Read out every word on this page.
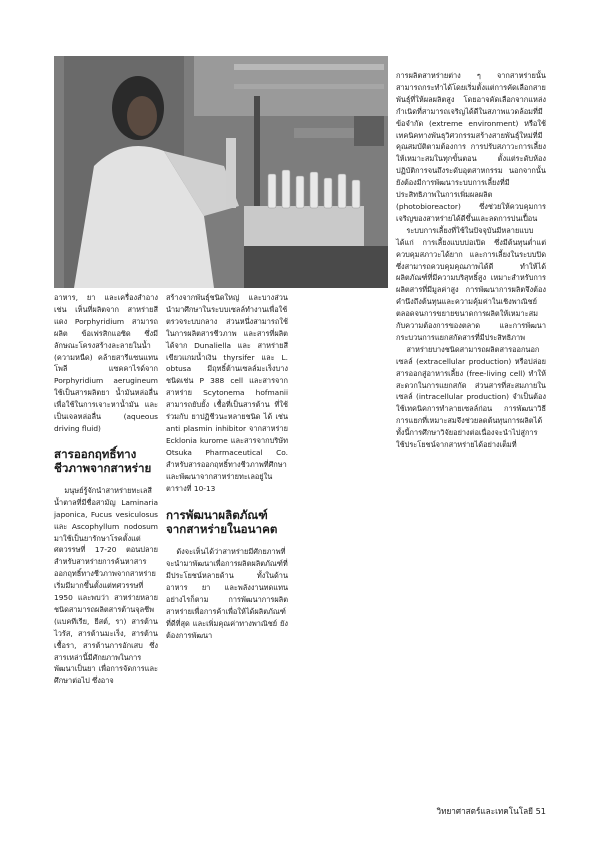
อาหาร, ยา และเครื่องสำอาง เช่น เห็นที่ผลิตจาก สาหร่ายสีแดง Porphyridium สามารถผลิต ข้อเฟรสิกแอซิด ซึ่งมีลักษณะโครงสร้างละลายในน้ำ (ความหนืด) คล้ายสารีแซนแทน โพลี แซคคาไรด์จาก Porphyridium aerugineum ใช้เป็นสารผลิตยา น้ำมันหล่อลื่น เพื่อใช้ในการเจาะหาน้ำมัน และเป็นเจลหล่อลื่น (aqueous driving fluid)

สารออกฤทธิ์ทางชีวภาพจากสาหร่าย

มนุษย์รู้จักนำสาหร่ายทะเลสีน้ำตาลที่มีชื่อสามัญ Laminaria japonica, Fucus vesiculosus และ Ascophyllum nodosum มาใช้เป็นยารักษาโรคตั้งแต่ศตวรรษที่ 17-20 ตอนปลาย สำหรับสาหร่ายการค้นหาสารออกฤทธิ์ทางชีวภาพจากสาหร่ายเริ่มมีมากขึ้นตั้งแต่ทศวรรษที่ 1950 และพบว่า สาหร่ายหลายชนิดสามารถผลิตสารต้านจุลชีพ (แบคทีเรีย, ยีสต์, รา) สารต้านไวรัส, สารต้านมะเร็ง, สารต้านเชื้อรา, สารต้านการอักเสบ ซึ่งสารเหล่านี้มีศักยภาพในการพัฒนาเป็นยา เพื่อการจัดการและศึกษาต่อไป ซึ่งอาจ

สร้างจากพันธุ์ชนิดใหญ่ และบางส่วนนำมาศึกษาในระบบเซลล์ทำงานเพื่อใช้ตรวจระบบกลาง ส่วนหนึ่งสามารถใช้ในการผลิตสารชีวภาพ และสารที่ผลิตได้จาก Dunaliella และ สาหร่ายสีเขียวแกมน้ำเงิน thyrsifer และ L. obtusa มีฤทธิ์ต้านเซลล์มะเร็งบางชนิดเช่น P 388 cell และสารจากสาหร่าย Scytonema hofmanii สามารถยับยั้ง เชื้อที่เป็นสารต้าน ที่ใช้ร่วมกับ ยาปฏิชีวนะหลายชนิด ได้ เช่น anti plasmin inhibitor จากสาหร่าย Ecklonia kurome และสารจากบริษัท Otsuka Pharmaceutical Co. สำหรับสารออกฤทธิ์ทางชีวภาพที่ศึกษาและพัฒนาจากสาหร่ายทะเลอยู่ในตารางที่ 10-13

การพัฒนาผลิตภัณฑ์จากสาหร่ายในอนาคต

ดังจะเห็นได้ว่าสาหร่ายมีศักยภาพที่จะนำมาพัฒนาเพื่อการผลิตผลิตภัณฑ์ที่มีประโยชน์หลายด้าน ทั้งในด้านอาหาร ยา และพลังงานทดแทน อย่างไรก็ตาม การพัฒนาการผลิตสาหร่ายเพื่อการค้าเพื่อให้ได้ผลิตภัณฑ์ที่ดีที่สุด และเพิ่มคุณค่าทางพาณิชย์ ยังต้องการพัฒนา

การผลิตสาหร่ายต่าง ๆ จากสาหร่ายนั้น สามารถกระทำได้โดยเริ่มตั้งแต่การคัดเลือกสายพันธุ์ที่ให้ผลผลิตสูง โดยอาจคัดเลือกจากแหล่งกำเนิดที่สามารถเจริญได้ดีในสภาพแวดล้อมที่มีข้อจำกัด (extreme environment) หรือใช้เทคนิคทางพันธุวิศวกรรมสร้างสายพันธุ์ใหม่ที่มีคุณสมบัติตามต้องการ การปรับสภาวะการเลี้ยงให้เหมาะสมในทุกขั้นตอน ตั้งแต่ระดับห้องปฏิบัติการจนถึงระดับอุตสาหกรรม นอกจากนั้นยังต้องมีการพัฒนาระบบการเลี้ยงที่มีประสิทธิภาพในการเพิ่มผลผลิต (photobioreactor) ซึ่งช่วยให้ควบคุมการเจริญของสาหร่ายได้ดีขึ้นและลดการปนเปื้อน

ระบบการเลี้ยงที่ใช้ในปัจจุบันมีหลายแบบ ได้แก่ การเลี้ยงแบบบ่อเปิด ซึ่งมีต้นทุนต่ำแต่ควบคุมสภาวะได้ยาก และการเลี้ยงในระบบปิด ซึ่งสามารถควบคุมคุณภาพได้ดี ทำให้ได้ผลิตภัณฑ์ที่มีความบริสุทธิ์สูง เหมาะสำหรับการผลิตสารที่มีมูลค่าสูง การพัฒนาการผลิตจึงต้องคำนึงถึงต้นทุนและความคุ้มค่าในเชิงพาณิชย์ ตลอดจนการขยายขนาดการผลิตให้เหมาะสมกับความต้องการของตลาด และการพัฒนากระบวนการแยกสกัดสารที่มีประสิทธิภาพ

สาหร่ายบางชนิดสามารถผลิตสารออกนอกเซลล์ (extracellular production) หรือปล่อยสารออกสู่อาหารเลี้ยง (free-living cell) ทำให้สะดวกในการแยกสกัด ส่วนสารที่สะสมภายในเซลล์ (intracellular production) จำเป็นต้องใช้เทคนิคการทำลายเซลล์ก่อน การพัฒนาวิธีการแยกที่เหมาะสมจึงช่วยลดต้นทุนการผลิตได้ ทั้งนี้การศึกษาวิจัยอย่างต่อเนื่องจะนำไปสู่การใช้ประโยชน์จากสาหร่ายได้อย่างเต็มที่

วิทยาศาสตร์และเทคโนโลยี 51
